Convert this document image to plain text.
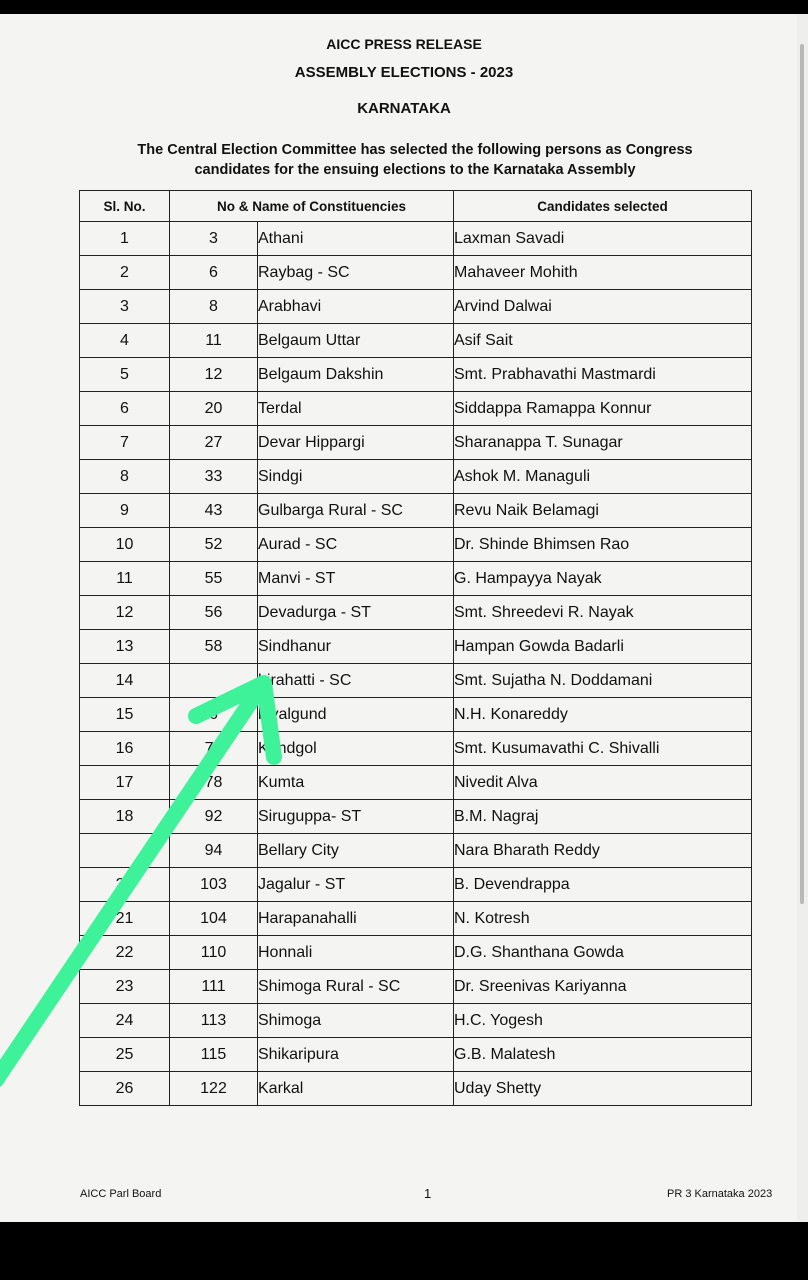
AICC PRESS RELEASE
ASSEMBLY ELECTIONS - 2023
KARNATAKA
The Central Election Committee has selected the following persons as Congress
candidates for the ensuing elections to the Karnataka Assembly
Sl. No.	No & Name of Constituencies		Candidates selected
1	3	Athani	Laxman Savadi
2	6	Raybag - SC	Mahaveer Mohith
3	8	Arabhavi	Arvind Dalwai
4	11	Belgaum Uttar	Asif Sait
5	12	Belgaum Dakshin	Smt. Prabhavathi Mastmardi
6	20	Terdal	Siddappa Ramappa Konnur
7	27	Devar Hippargi	Sharanappa T. Sunagar
8	33	Sindgi	Ashok M. Managuli
9	43	Gulbarga Rural - SC	Revu Naik Belamagi
10	52	Aurad - SC	Dr. Shinde Bhimsen Rao
11	55	Manvi - ST	G. Hampayya Nayak
12	56	Devadurga - ST	Smt. Shreedevi R. Nayak
13	58	Sindhanur	Hampan Gowda Badarli
14		hirahatti - SC	Smt. Sujatha N. Doddamani
15	6	lavalgund	N.H. Konareddy
16	70	Kundgol	Smt. Kusumavathi C. Shivalli
17	78	Kumta	Nivedit Alva
18	92	Siruguppa- ST	B.M. Nagraj
	94	Bellary City	Nara Bharath Reddy
20	103	Jagalur - ST	B. Devendrappa
21	104	Harapanahalli	N. Kotresh
22	110	Honnali	D.G. Shanthana Gowda
23	111	Shimoga Rural - SC	Dr. Sreenivas Kariyanna
24	113	Shimoga	H.C. Yogesh
25	115	Shikaripura	G.B. Malatesh
26	122	Karkal	Uday Shetty
AICC Parl Board	1	PR 3 Karnataka 2023
